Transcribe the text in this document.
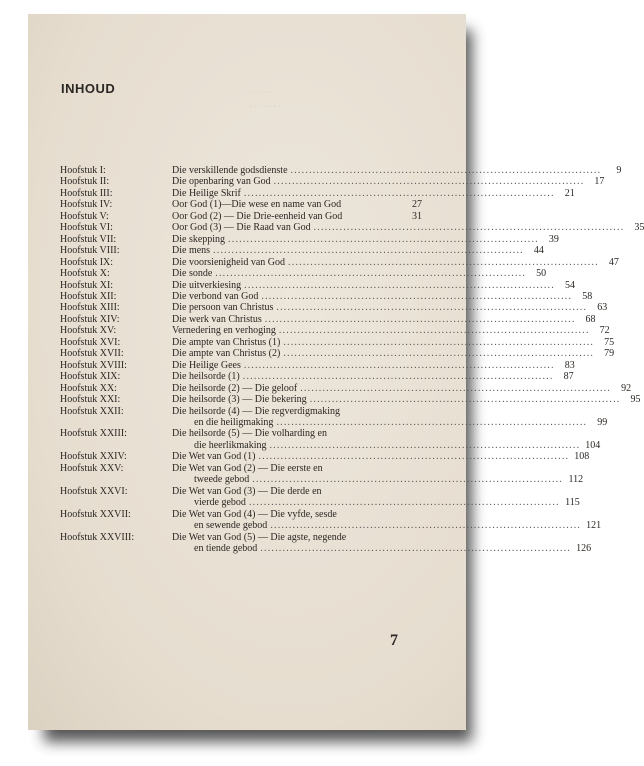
· · · · ·
· · · · · · ·
INHOUD
Hoofstuk I:	Die verskillende godsdienste ....................................................................................	9
Hoofstuk II:	Die openbaring van God ....................................................................................	17
Hoofstuk III:	Die Heilige Skrif ....................................................................................	21
Hoofstuk IV:	Oor God (1)—Die wese en name van God	27
Hoofstuk V:	Oor God (2) — Die Drie-eenheid van God	31
Hoofstuk VI:	Oor God (3) — Die Raad van God ....................................................................................	35
Hoofstuk VII:	Die skepping ....................................................................................	39
Hoofstuk VIII:	Die mens ....................................................................................	44
Hoofstuk IX:	Die voorsienigheid van God ....................................................................................	47
Hoofstuk X:	Die sonde ....................................................................................	50
Hoofstuk XI:	Die uitverkiesing ....................................................................................	54
Hoofstuk XII:	Die verbond van God ....................................................................................	58
Hoofstuk XIII:	Die persoon van Christus ....................................................................................	63
Hoofstuk XIV:	Die werk van Christus ....................................................................................	68
Hoofstuk XV:	Vernedering en verhoging ....................................................................................	72
Hoofstuk XVI:	Die ampte van Christus (1) ....................................................................................	75
Hoofstuk XVII:	Die ampte van Christus (2) ....................................................................................	79
Hoofstuk XVIII:	Die Heilige Gees ....................................................................................	83
Hoofstuk XIX:	Die heilsorde (1) ....................................................................................	87
Hoofstuk XX:	Die heilsorde (2) — Die geloof ....................................................................................	92
Hoofstuk XXI:	Die heilsorde (3) — Die bekering ....................................................................................	95
Hoofstuk XXII:	Die heilsorde (4) — Die regverdigmaking
en die heiligmaking ....................................................................................	99
Hoofstuk XXIII:	Die heilsorde (5) — Die volharding en
die heerlikmaking .................................................................................... 104
Hoofstuk XXIV:	Die Wet van God (1) .................................................................................... 108
Hoofstuk XXV:	Die Wet van God (2) — Die eerste en
tweede gebod .................................................................................... 112
Hoofstuk XXVI:	Die Wet van God (3) — Die derde en
vierde gebod .................................................................................... 115
Hoofstuk XXVII:	Die Wet van God (4) — Die vyfde, sesde
en sewende gebod .................................................................................... 121
Hoofstuk XXVIII:	Die Wet van God (5) — Die agste, negende
en tiende gebod .................................................................................... 126
7
